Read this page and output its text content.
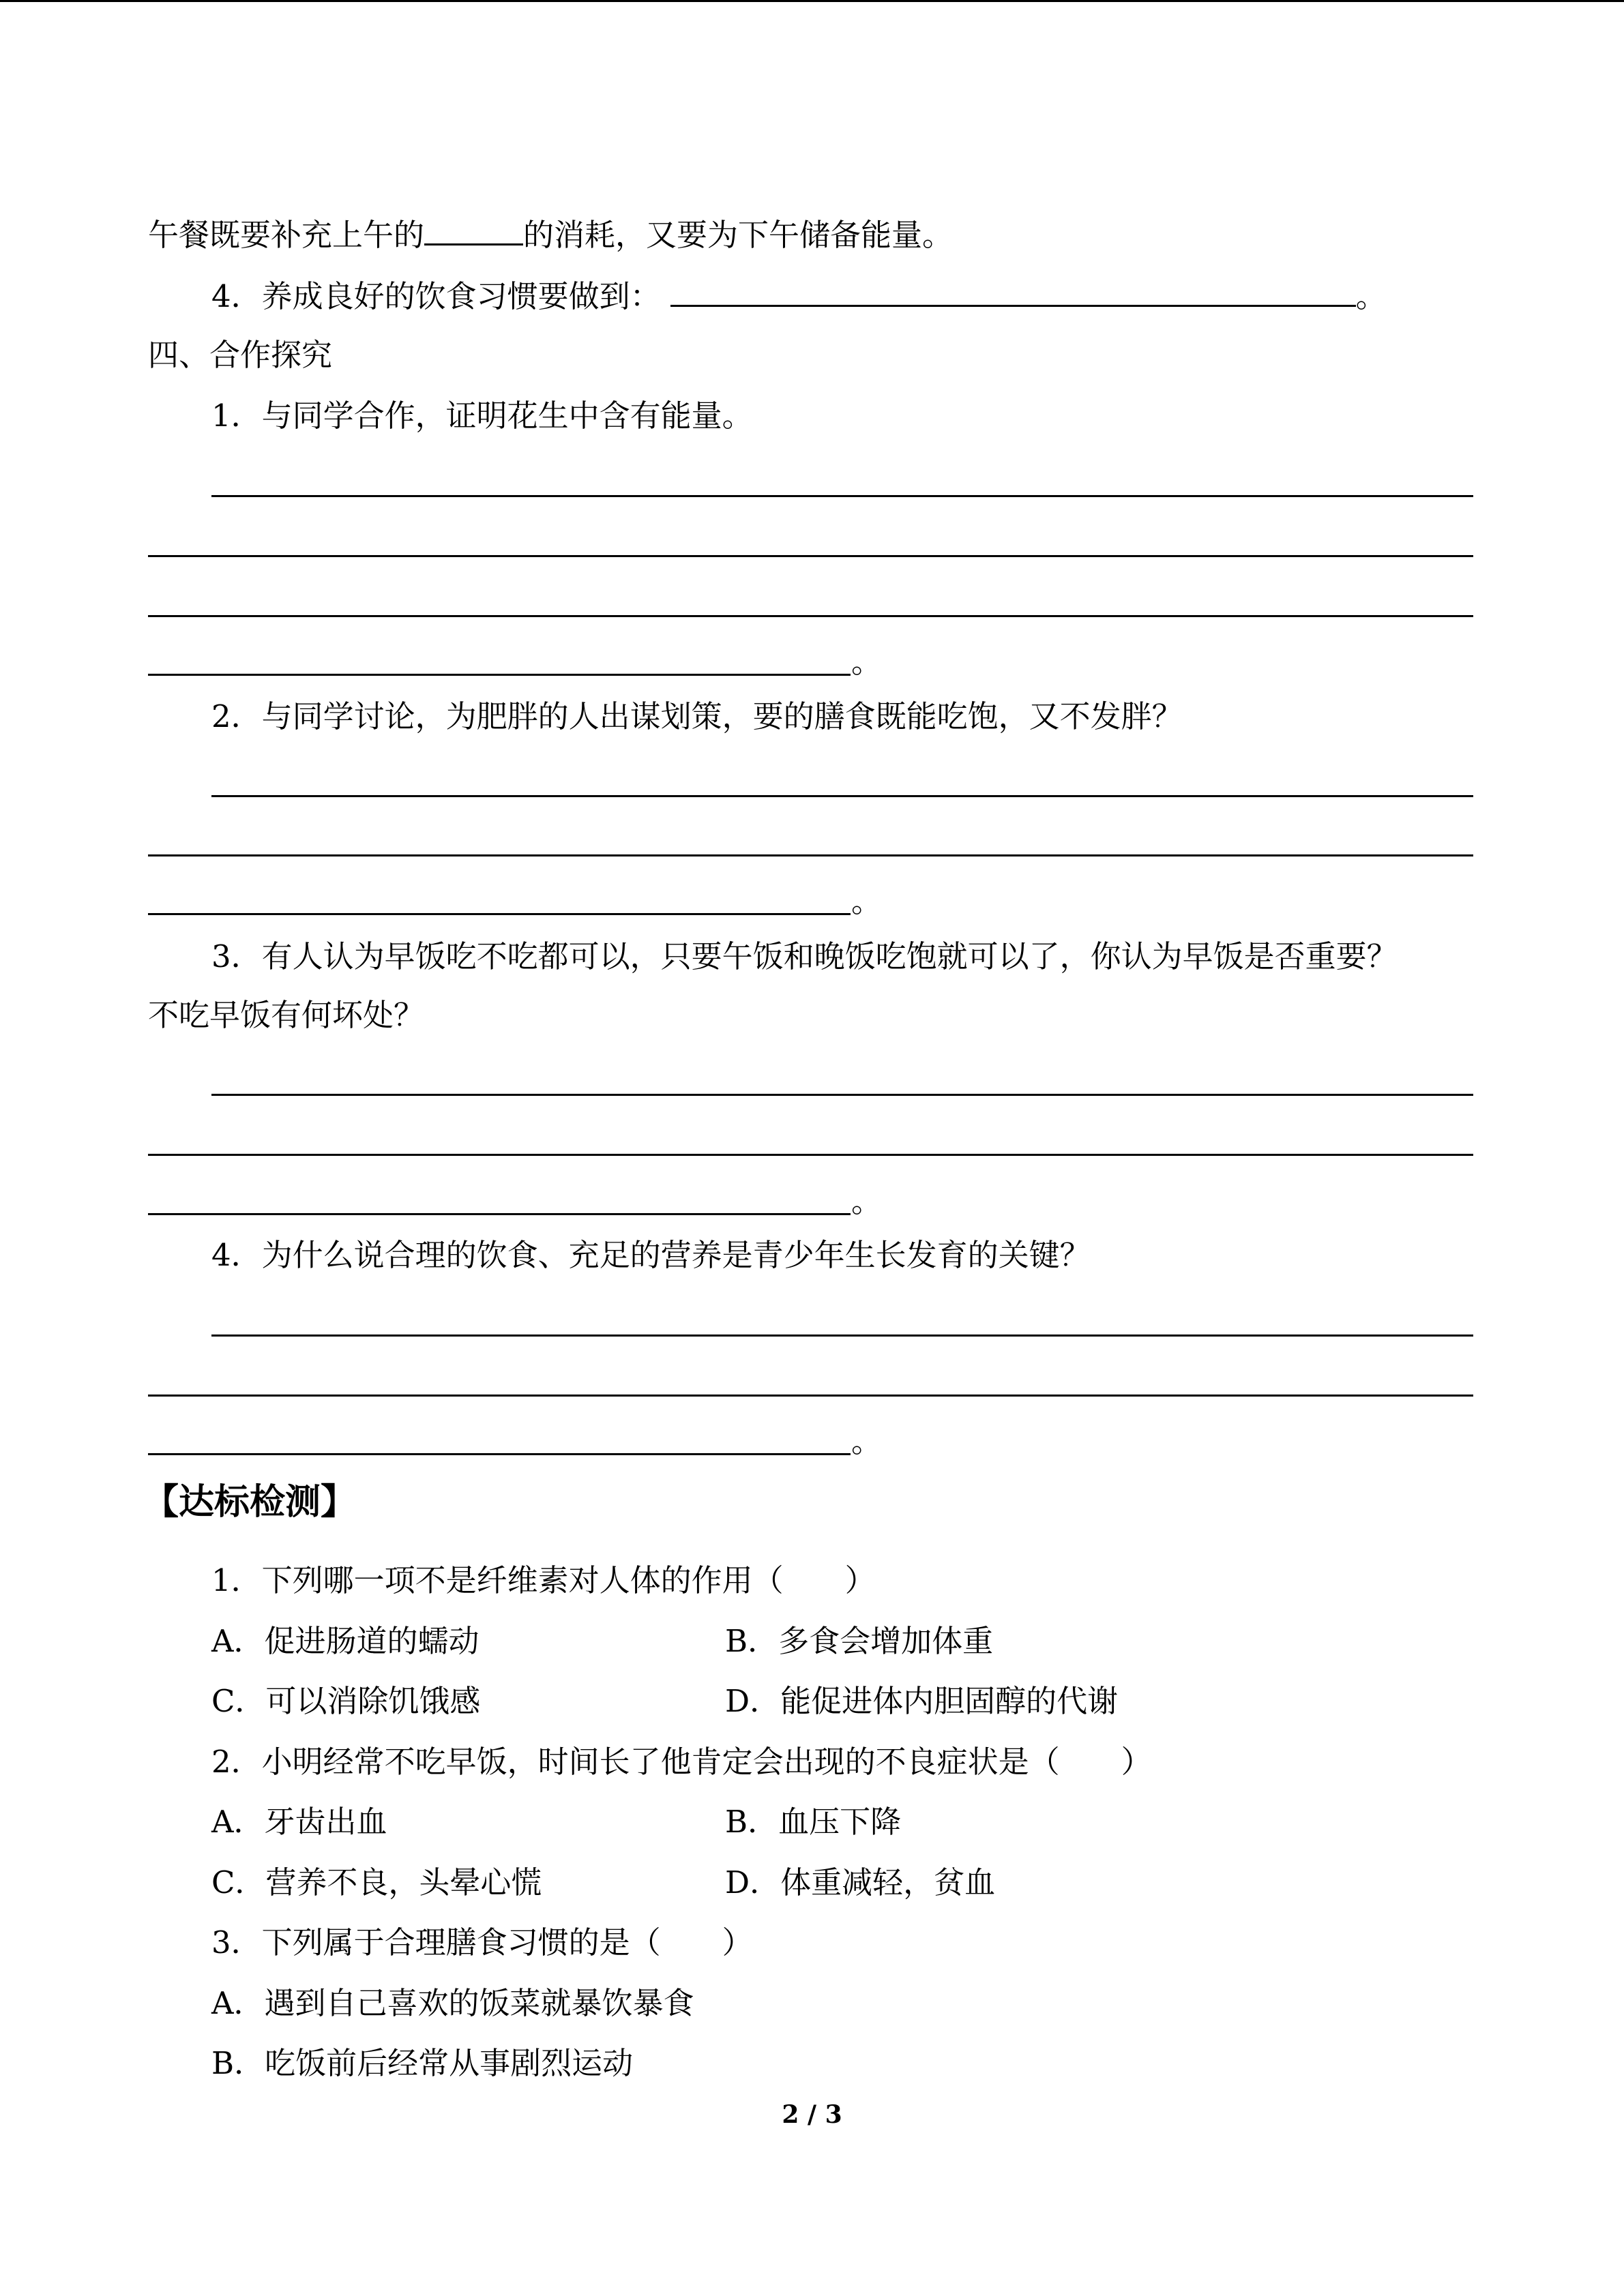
午餐既要补充上午的	的消耗，又要为下午储备能量。
4．养成良好的饮食习惯要做到：	。
四、合作探究
1．与同学合作，证明花生中含有能量。
。
2．与同学讨论，为肥胖的人出谋划策，要的膳食既能吃饱，又不发胖？
。
3．有人认为早饭吃不吃都可以，只要午饭和晚饭吃饱就可以了，你认为早饭是否重要？
不吃早饭有何坏处？
。
4．为什么说合理的饮食、充足的营养是青少年生长发育的关键？
。
【达标检测】
1．下列哪一项不是纤维素对人体的作用（　　）
A．促进肠道的蠕动	B．多食会增加体重
C．可以消除饥饿感	D．能促进体内胆固醇的代谢
2．小明经常不吃早饭，时间长了他肯定会出现的不良症状是（　　）
A．牙齿出血	B．血压下降
C．营养不良，头晕心慌	D．体重减轻，贫血
3．下列属于合理膳食习惯的是（　　）
A．遇到自己喜欢的饭菜就暴饮暴食
B．吃饭前后经常从事剧烈运动
2 / 3
